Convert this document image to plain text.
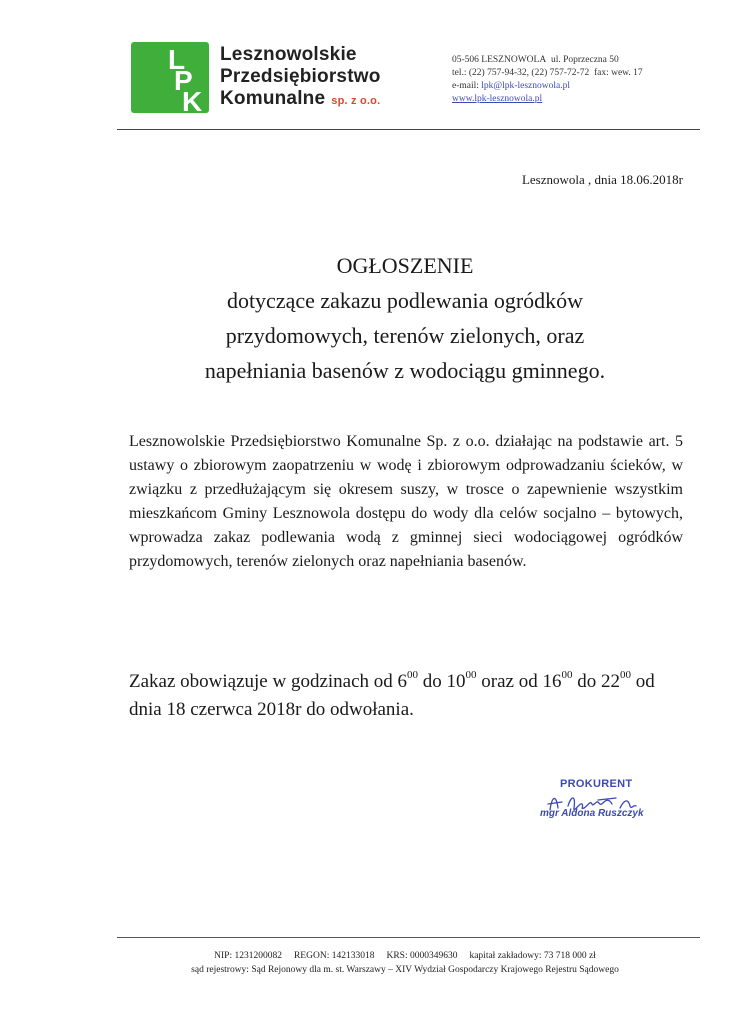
L
P
K
Lesznowolskie
Przedsiębiorstwo
Komunalne sp. z o.o.
05-506 LESZNOWOLA ul. Poprzeczna 50
tel.: (22) 757-94-32, (22) 757-72-72 fax: wew. 17
e-mail: lpk@lpk-lesznowola.pl
www.lpk-lesznowola.pl
Lesznowola , dnia 18.06.2018r
OGŁOSZENIE
dotyczące zakazu podlewania ogródków
przydomowych, terenów zielonych, oraz
napełniania basenów z wodociągu gminnego.
Lesznowolskie Przedsiębiorstwo Komunalne Sp. z o.o. działając na podstawie art. 5 ustawy o zbiorowym zaopatrzeniu w wodę i zbiorowym odprowadzaniu ścieków, w związku z przedłużającym się okresem suszy, w trosce o zapewnienie wszystkim mieszkańcom Gminy Lesznowola dostępu do wody dla celów socjalno – bytowych, wprowadza zakaz podlewania wodą z gminnej sieci wodociągowej ogródków przydomowych, terenów zielonych oraz napełniania basenów.
Zakaz obowiązuje w godzinach od $6^{00}$ do $10^{00}$ oraz od $16^{00}$ do $22^{00}$ od dnia 18 czerwca 2018r do odwołania.
PROKURENT
mgr Aldona Ruszczyk
NIP: 1231200082 REGON: 142133018 KRS: 0000349630 kapitał zakładowy: 73 718 000 zł
sąd rejestrowy: Sąd Rejonowy dla m. st. Warszawy – XIV Wydział Gospodarczy Krajowego Rejestru Sądowego
